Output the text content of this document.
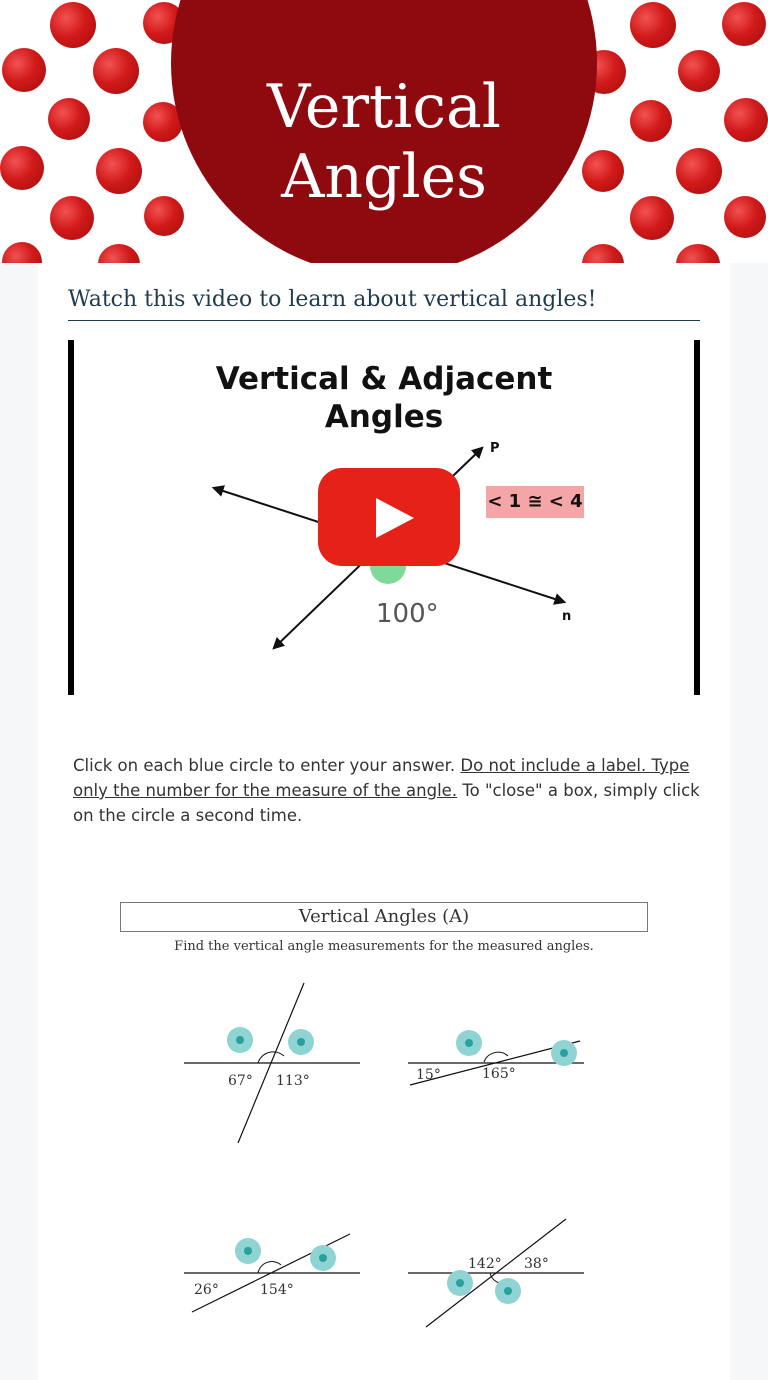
Vertical
Angles
Watch this video to learn about vertical angles!
Vertical & Adjacent
Angles
P
n
100°
< 1 ≅ < 4
Click on each blue circle to enter your answer. Do not include a label. Type only the number for the measure of the angle. To "close" a box, simply click on the circle a second time.
Vertical Angles (A)
Find the vertical angle measurements for the measured angles.
67° 113°	15°	165°
26°	154°
142° 38°
